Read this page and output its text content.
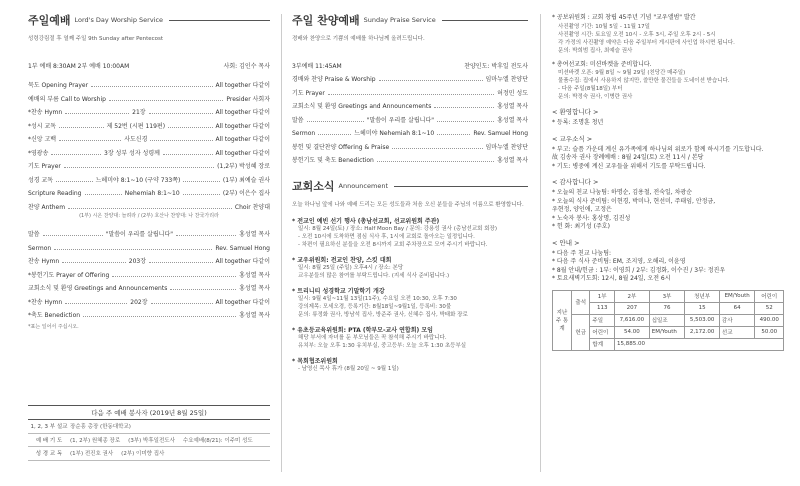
주일예배 Lord's Day Worship Service
성령강림절 후 열째 주일 9th Sunday after Pentecost
1부 예배 8:30AM 2부 예배 10:00AM	사회: 김인수 목사
묵도 Opening Prayer	All together 다같이
예배의 부름 Call to Worship	Presider 사회자
*찬송 Hymn	21장	All together 다같이
*성시 교독	제 52번 (시편 119편)	All together 다같이
*신앙 고백	사도신경	All together 다같이
*영광송	3장 성부 성자 성령께	All together 다같이
기도 Prayer	(1,2부) 박성혜 장로
성경 교독	느헤미야 8:1~10 (구약 733쪽)	(1부) 최예슬 권사
Scripture Reading	Nehemiah 8:1~10	(2부) 이은수 집사
찬양 Anthem	Choir 찬양대
(1부) 시온 찬양대: 늘려라 / (2부) 호산나 찬양대: 나 찬국가리라
말씀	"말씀이 우리를 살립니다"	홍성열 목사
Sermon	Rev. Samuel Hong
찬송 Hymn	203장	All together 다같이
*봉헌기도 Prayer of Offering	홍성열 목사
교회소식 및 환영 Greetings and Announcements	홍성열 목사
*찬송 Hymn	202장	All together 다같이
*축도 Benediction	홍성열 목사
*표는 일어서 주십시오.
다음 주 예배 봉사자 (2019년 8월 25일)
1, 2, 3 부 설교 장순흥 총장 (한동대학교)
예 배 기 도	(1, 2부) 원혜종 장로 (3부) 박후일전도사 수요예배(8/21): 이주미 성도
성 경 교 독	(1부) 전진호 권사 (2부) 이미향 집사
주일 찬양예배 Sunday Praise Service
경배와 찬양으로 기쁨의 예배를 하나님께 올려드립니다.
3부예배 11:45AM	찬양인도: 박후일 전도사
경배와 찬양 Praise & Worship	임마누엘 찬양단
기도 Prayer	허정민 성도
교회소식 및 환영 Greetings and Announcements	홍성열 목사
말씀	"말씀이 우리를 살립니다"	홍성열 목사
Sermon	느헤미야 Nehemiah 8:1~10	Rev. Samuel Hong
봉헌 및 결단찬양 Offering & Praise	임마누엘 찬양단
봉헌기도 및 축도 Benediction	홍성열 목사
교회소식 Announcement
오늘 하나님 앞에 나와 예배 드리는 모든 성도들과 처음 오신 분들을 주님의 이름으로 환영합니다.
* 전교인 예빈 선기 행사 (총남선교회, 선교위원회 주관)
일시: 8월 24일(토) / 장소: Half Moon Bay / 문의: 강용성 권사 (총남선교회 회장)
- 오전 10시에 도착하면 점심 식사 후, 1시에 교회로 돌아오는 일정입니다.
- 차편이 필요하신 분들을 오전 8시까지 교회 주차장으로 모여 주시기 바랍니다.
* 교우위원회: 전교인 찬양, 스킷 대회
일시: 8월 25일 (주일) 오후4시 / 장소: 본당
교우분들의 많은 참여를 부탁드립니다. (지세 식사 준비됩니다.)
* 트리니티 성경학교 기말학기 개강
일시: 9월 4일~11월 13일(11주), 수요일 오전 10:30, 오후 7:30
강의제목: 모세오경, 등록기간: 8월18일~9월1일, 등록비: 30불
문의: 류정화 권사, 방남석 집사, 방준주 권사, 신혜수 집사, 박태화 장로
* 유초등교육위원회: PTA (학부모-교사 연합회) 모임
해당 부서에 자녀를 둔 부모님들은 꼭 참석해 주시기 바랍니다.
유치부: 오늘 오후 1:30 유치부실, 중고등부: 오늘 오후 1:30 초등부실
* 목회협조위원회
- 남영신 목사 휴가 (8월 20일 ~ 9월 1일)
* 공보위원회 : 교회 창립 45주년 기념 "교우앨범" 발간
사진촬영 기간: 10월 5일 - 11월 17일
사진촬영 시간: 토요일 오전 10시 - 오후 3시, 주일 오후 2시 - 5시
각 가정의 사진촬영 예약은 다음 주일부터 게시판에 사인업 하시면 됩니다.
문의: 박희범 집사, 최예슬 권사
* 총여선교회: 미션바켓을 준비합니다.
미션바켓 오픈: 9월 8일 ~ 9월 29일 (친당간 매주일)
물품수집: 집에서 사용하지 않지만, 쓸만한 물건들을 도네이션 받습니다.
- 다음 주일(8월18일) 부터
문의: 박정숙 권사, 이병란 권사
< 환영합니다 >
* 등록: 조명훈 청년
< 교우소식 >
* 부고: 슬픔 가운데 계신 유가족에게 하나님의 위로가 함께 하시기를 기도합니다.
故 김송자 권사 장례예배 : 8월 24일(토) 오전 11시 / 본당
* 기도: 병중에 계신 교우들을 위해서 기도를 부탁드립니다.
< 감사합니다 >
* 오늘의 친교 나눔팀: 하명순, 김용철, 전숙일, 차광순
* 오늘의 식사 준비팀: 이현경, 박미나, 현선미, 주태임, 안정금,
우현정, 양인애, 고정은
* 노숙자 봉사: 홍상명, 김진성
* 헌 화: 최기성 (주호)
< 안내 >
* 다음 주 친교 나눔팀:
* 다음 주 식사 준비팀: EM, 조지영, 오해리, 이윤영
* 8월 안내/헌금 : 1부: 이영희 / 2부: 김정화, 이수진 / 3부: 정진우
* 토요새벽기도회: 12시, 8월 24일, 오전 6시
지난 주 통계	출석	1부	2부	3부	청년부	EM/Youth	어린이
		113	207	76	15	64	52
	헌금	주일	7,616.00	십일조	5,503.00	감사	490.00
		어린이	54.00	EM/Youth	2,172.00	선교	50.00
		합계	15,885.00				
